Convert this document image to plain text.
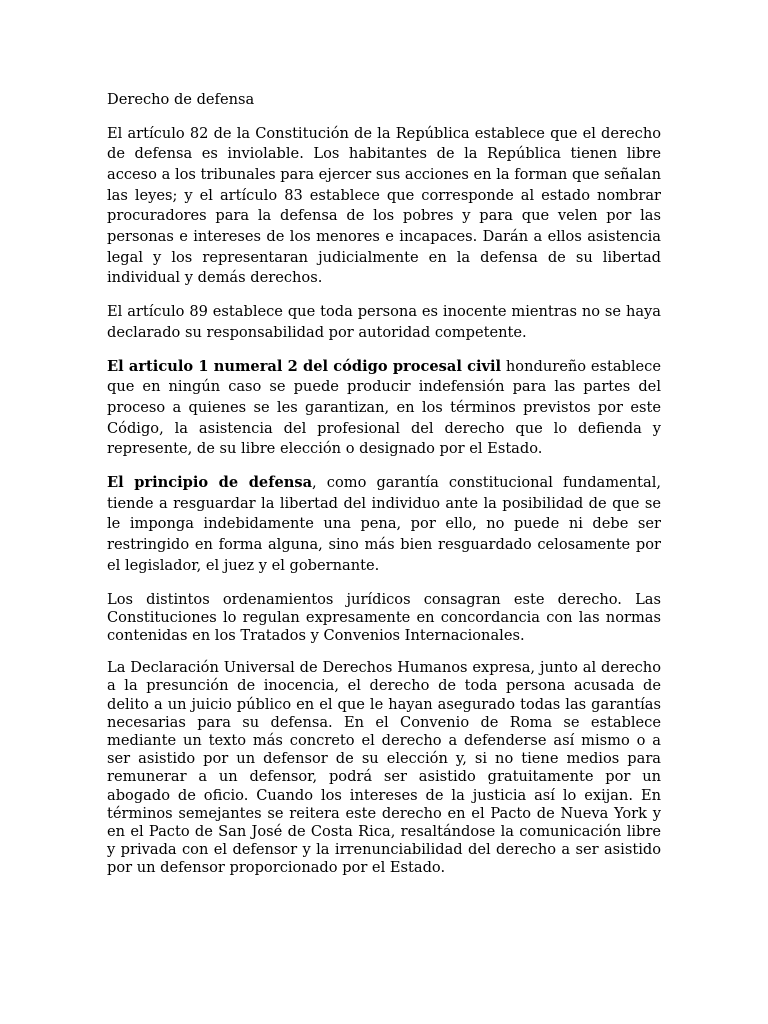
Derecho de defensa

El artículo 82 de la Constitución de la República establece que el derecho de defensa es inviolable. Los habitantes de la República tienen libre acceso a los tribunales para ejercer sus acciones en la forman que señalan las leyes; y el artículo 83 establece que corresponde al estado nombrar procuradores para la defensa de los pobres y para que velen por las personas e intereses de los menores e incapaces. Darán a ellos asistencia legal y los representaran judicialmente en la defensa de su libertad individual y demás derechos.

El artículo 89 establece que toda persona es inocente mientras no se haya declarado su responsabilidad por autoridad competente.

El articulo 1 numeral 2 del código procesal civil hondureño establece que en ningún caso se puede producir indefensión para las partes del proceso a quienes se les garantizan, en los términos previstos por este Código, la asistencia del profesional del derecho que lo defienda y represente, de su libre elección o designado por el Estado.

El principio de defensa, como garantía constitucional fundamental, tiende a resguardar la libertad del individuo ante la posibilidad de que se le imponga indebidamente una pena, por ello, no puede ni debe ser restringido en forma alguna, sino más bien resguardado celosamente por el legislador, el juez y el gobernante.

Los distintos ordenamientos jurídicos consagran este derecho. Las Constituciones lo regulan expresamente en concordancia con las normas contenidas en los Tratados y Convenios Internacionales.

La Declaración Universal de Derechos Humanos expresa, junto al derecho a la presunción de inocencia, el derecho de toda persona acusada de delito a un juicio público en el que le hayan asegurado todas las garantías necesarias para su defensa. En el Convenio de Roma se establece mediante un texto más concreto el derecho a defenderse así mismo o a ser asistido por un defensor de su elección y, si no tiene medios para remunerar a un defensor, podrá ser asistido gratuitamente por un abogado de oficio. Cuando los intereses de la justicia así lo exijan. En términos semejantes se reitera este derecho en el Pacto de Nueva York y en el Pacto de San José de Costa Rica, resaltándose la comunicación libre y privada con el defensor y la irrenunciabilidad del derecho a ser asistido por un defensor proporcionado por el Estado.
